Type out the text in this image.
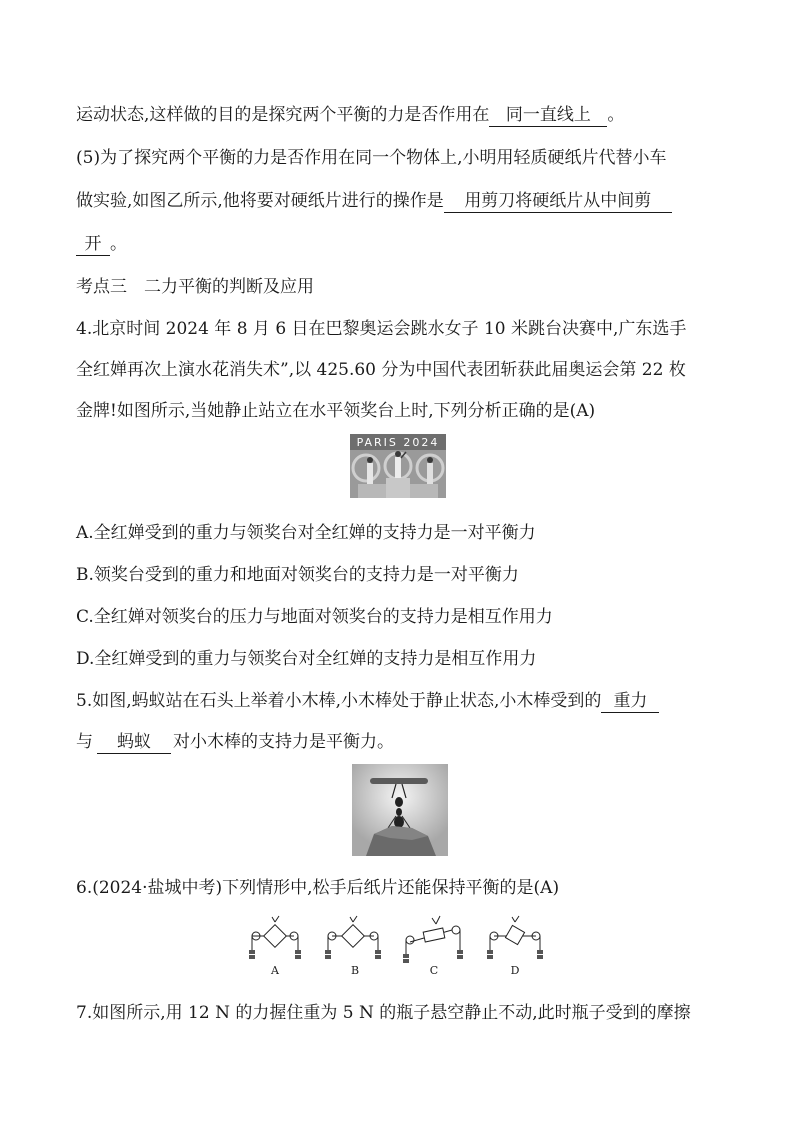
运动状态,这样做的目的是探究两个平衡的力是否作用在 同一直线上 。
(5)为了探究两个平衡的力是否作用在同一个物体上,小明用轻质硬纸片代替小车
做实验,如图乙所示,他将要对硬纸片进行的操作是 用剪刀将硬纸片从中间剪
开 。
考点三　二力平衡的判断及应用
4.北京时间 2024 年 8 月 6 日在巴黎奥运会跳水女子 10 米跳台决赛中,广东选手
全红婵再次上演水花消失术”,以 425.60 分为中国代表团斩获此届奥运会第 22 枚
金牌!如图所示,当她静止站立在水平领奖台上时,下列分析正确的是(A)
PARIS 2024
A.全红婵受到的重力与领奖台对全红婵的支持力是一对平衡力
B.领奖台受到的重力和地面对领奖台的支持力是一对平衡力
C.全红婵对领奖台的压力与地面对领奖台的支持力是相互作用力
D.全红婵受到的重力与领奖台对全红婵的支持力是相互作用力
5.如图,蚂蚁站在石头上举着小木棒,小木棒处于静止状态,小木棒受到的 重力
与 蚂蚁 对小木棒的支持力是平衡力。
6.(2024·盐城中考)下列情形中,松手后纸片还能保持平衡的是(A)
A	B	C	D
7.如图所示,用 12 N 的力握住重为 5 N 的瓶子悬空静止不动,此时瓶子受到的摩擦
